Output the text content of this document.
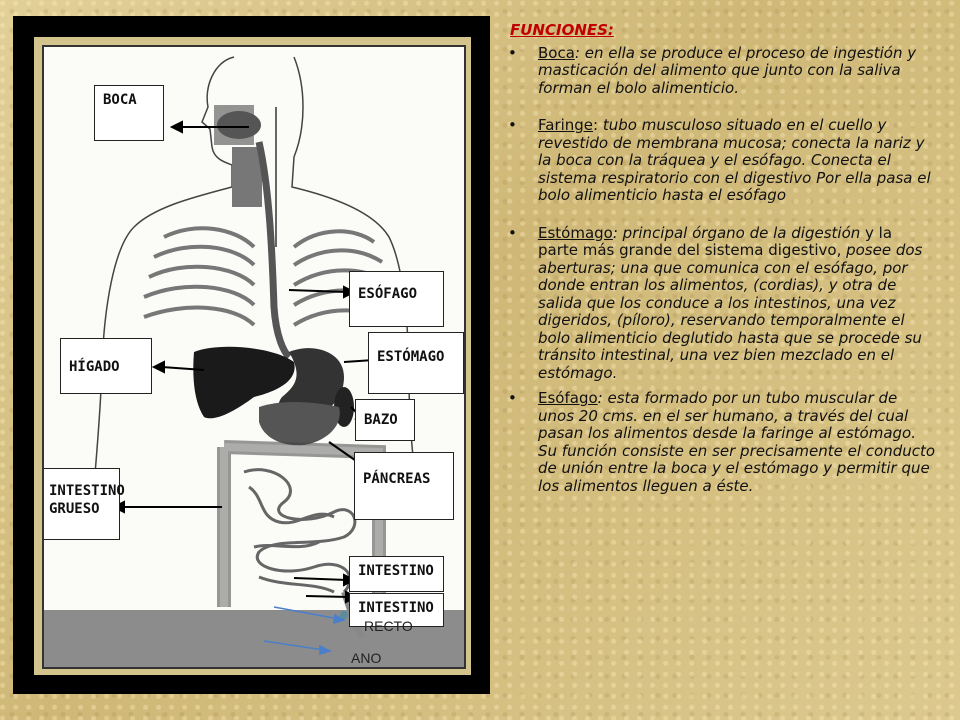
BOCA
ESÓFAGO
ESTÓMAGO
HÍGADO
BAZO
PÁNCREAS
INTESTINO
GRUESO
INTESTINO
INTESTINO
RECTO
ANO
FUNCIONES:
• Boca: en ella se produce el proceso de ingestión y masticación del alimento que junto con la saliva forman el bolo alimenticio.
• Faringe: tubo musculoso situado en el cuello y revestido de membrana mucosa; conecta la nariz y la boca con la tráquea y el esófago. Conecta el sistema respiratorio con el digestivo Por ella pasa el bolo alimenticio hasta el esófago
• Estómago: principal órgano de la digestión y la parte más grande del sistema digestivo, posee dos aberturas; una que comunica con el esófago, por donde entran los alimentos, (cordias), y otra de salida que los conduce a los intestinos, una vez digeridos, (píloro), reservando temporalmente el bolo alimenticio deglutido hasta que se procede su tránsito intestinal, una vez bien mezclado en el estómago.
• Esófago: esta formado por un tubo muscular de unos 20 cms. en el ser humano, a través del cual pasan los alimentos desde la faringe al estómago. Su función consiste en ser precisamente el conducto de unión entre la boca y el estómago y permitir que los alimentos lleguen a éste.
